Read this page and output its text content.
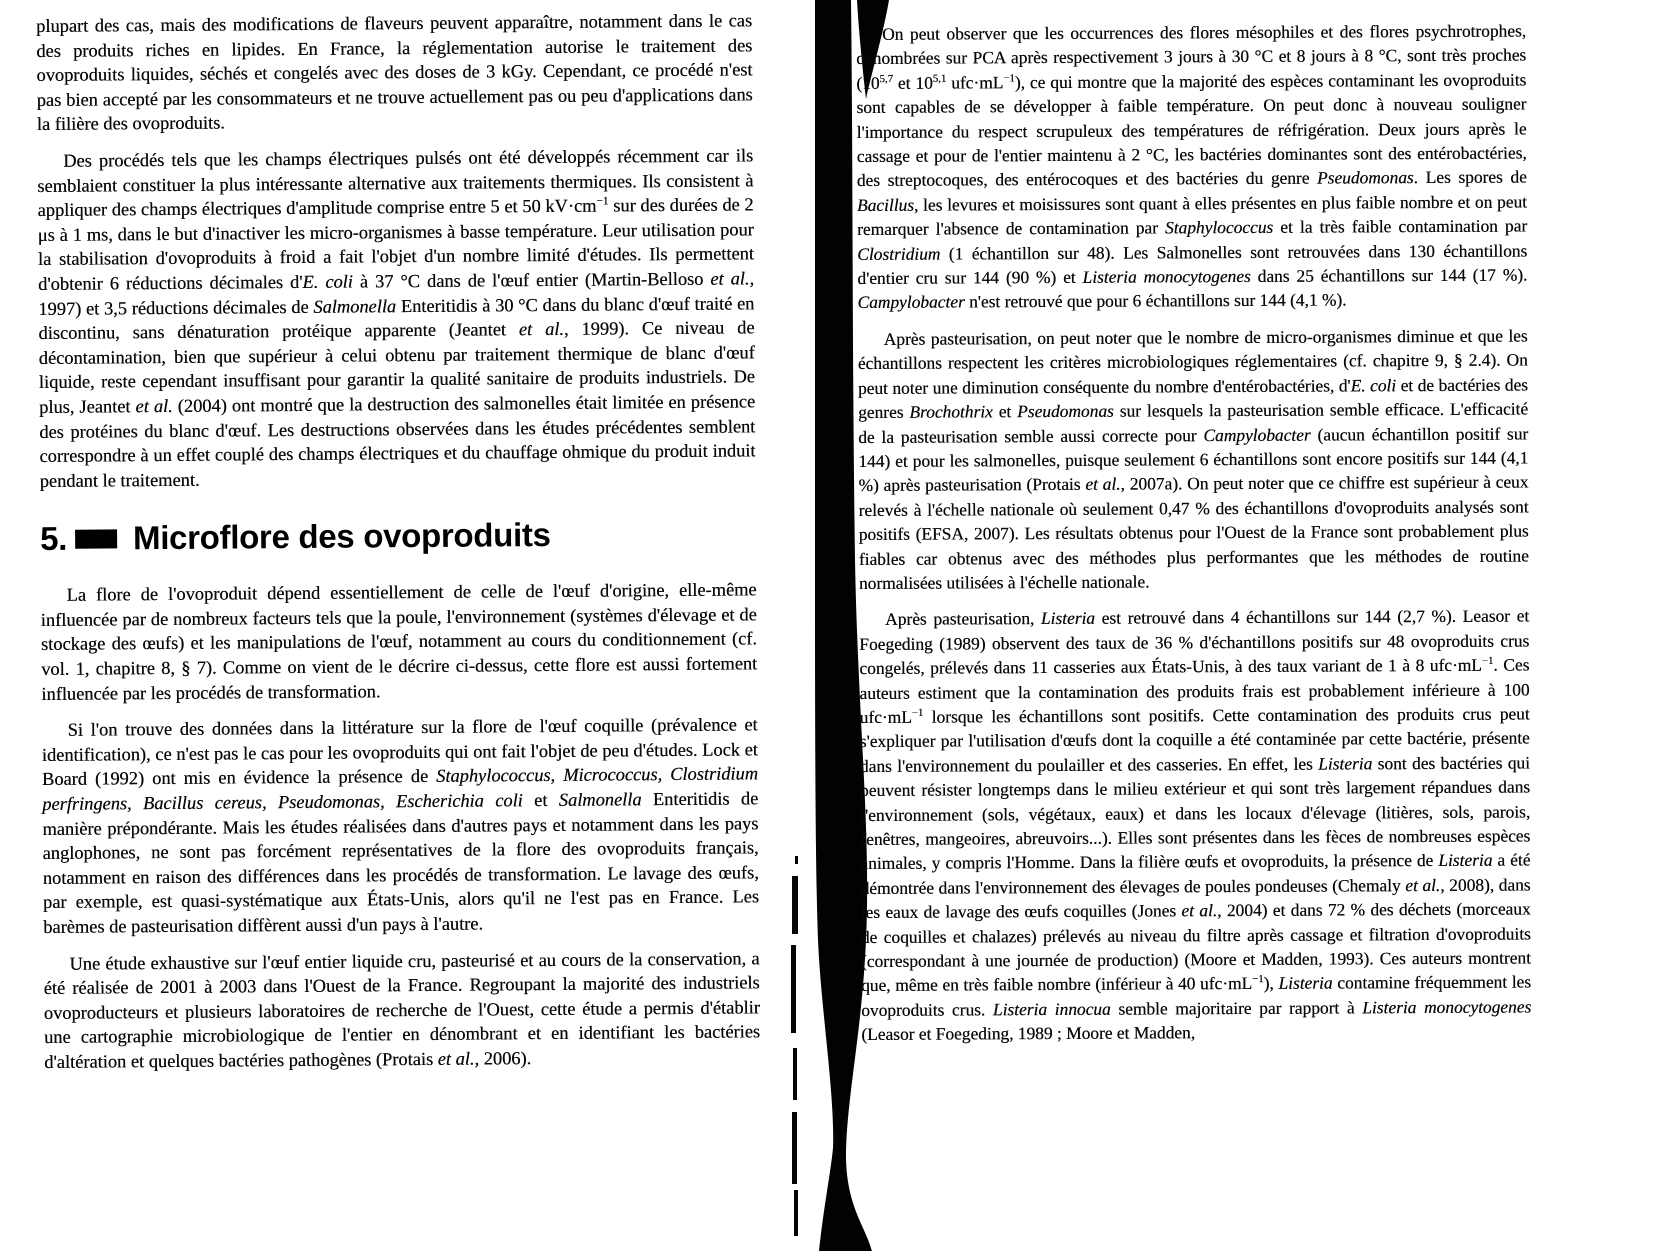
plupart des cas, mais des modifications de flaveurs peuvent apparaître, notamment dans le cas des produits riches en lipides. En France, la réglementation autorise le traitement des ovoproduits liquides, séchés et congelés avec des doses de 3 kGy. Cependant, ce procédé n'est pas bien accepté par les consommateurs et ne trouve actuellement pas ou peu d'applications dans la filière des ovoproduits.

Des procédés tels que les champs électriques pulsés ont été développés récemment car ils semblaient constituer la plus intéressante alternative aux traitements thermiques. Ils consistent à appliquer des champs électriques d'amplitude comprise entre 5 et 50 $kV\cdot cm^{-1}$ sur des durées de 2 μs à 1 ms, dans le but d'inactiver les micro-organismes à basse température. Leur utilisation pour la stabilisation d'ovoproduits à froid a fait l'objet d'un nombre limité d'études. Ils permettent d'obtenir 6 réductions décimales d'E. coli à 37 °C dans de l'œuf entier (Martin-Belloso et al., 1997) et 3,5 réductions décimales de Salmonella Enteritidis à 30 °C dans du blanc d'œuf traité en discontinu, sans dénaturation protéique apparente (Jeantet et al., 1999). Ce niveau de décontamination, bien que supérieur à celui obtenu par traitement thermique de blanc d'œuf liquide, reste cependant insuffisant pour garantir la qualité sanitaire de produits industriels. De plus, Jeantet et al. (2004) ont montré que la destruction des salmonelles était limitée en présence des protéines du blanc d'œuf. Les destructions observées dans les études précédentes semblent correspondre à un effet couplé des champs électriques et du chauffage ohmique du produit induit pendant le traitement.

5. Microflore des ovoproduits

La flore de l'ovoproduit dépend essentiellement de celle de l'œuf d'origine, elle-même influencée par de nombreux facteurs tels que la poule, l'environnement (systèmes d'élevage et de stockage des œufs) et les manipulations de l'œuf, notamment au cours du conditionnement (cf. vol. 1, chapitre 8, § 7). Comme on vient de le décrire ci-dessus, cette flore est aussi fortement influencée par les procédés de transformation.

Si l'on trouve des données dans la littérature sur la flore de l'œuf coquille (prévalence et identification), ce n'est pas le cas pour les ovoproduits qui ont fait l'objet de peu d'études. Lock et Board (1992) ont mis en évidence la présence de Staphylococcus, Micrococcus, Clostridium perfringens, Bacillus cereus, Pseudomonas, Escherichia coli et Salmonella Enteritidis de manière prépondérante. Mais les études réalisées dans d'autres pays et notamment dans les pays anglophones, ne sont pas forcément représentatives de la flore des ovoproduits français, notamment en raison des différences dans les procédés de transformation. Le lavage des œufs, par exemple, est quasi-systématique aux États-Unis, alors qu'il ne l'est pas en France. Les barèmes de pasteurisation diffèrent aussi d'un pays à l'autre.

Une étude exhaustive sur l'œuf entier liquide cru, pasteurisé et au cours de la conservation, a été réalisée de 2001 à 2003 dans l'Ouest de la France. Regroupant la majorité des industriels ovoproducteurs et plusieurs laboratoires de recherche de l'Ouest, cette étude a permis d'établir une cartographie microbiologique de l'entier en dénombrant et en identifiant les bactéries d'altération et quelques bactéries pathogènes (Protais et al., 2006).

On peut observer que les occurrences des flores mésophiles et des flores psychrotrophes, dénombrées sur PCA après respectivement 3 jours à 30 °C et 8 jours à 8 °C, sont très proches (10$^{5,7}$ et 10$^{5,1}$ $ufc\cdot mL^{-1}$), ce qui montre que la majorité des espèces contaminant les ovoproduits sont capables de se développer à faible température. On peut donc à nouveau souligner l'importance du respect scrupuleux des températures de réfrigération. Deux jours après le cassage et pour de l'entier maintenu à 2 °C, les bactéries dominantes sont des entérobactéries, des streptocoques, des entérocoques et des bactéries du genre Pseudomonas. Les spores de Bacillus, les levures et moisissures sont quant à elles présentes en plus faible nombre et on peut remarquer l'absence de contamination par Staphylococcus et la très faible contamination par Clostridium (1 échantillon sur 48). Les Salmonelles sont retrouvées dans 130 échantillons d'entier cru sur 144 (90 %) et Listeria monocytogenes dans 25 échantillons sur 144 (17 %). Campylobacter n'est retrouvé que pour 6 échantillons sur 144 (4,1 %).

Après pasteurisation, on peut noter que le nombre de micro-organismes diminue et que les échantillons respectent les critères microbiologiques réglementaires (cf. chapitre 9, § 2.4). On peut noter une diminution conséquente du nombre d'entérobactéries, d'E. coli et de bactéries des genres Brochothrix et Pseudomonas sur lesquels la pasteurisation semble efficace. L'efficacité de la pasteurisation semble aussi correcte pour Campylobacter (aucun échantillon positif sur 144) et pour les salmonelles, puisque seulement 6 échantillons sont encore positifs sur 144 (4,1 %) après pasteurisation (Protais et al., 2007a). On peut noter que ce chiffre est supérieur à ceux relevés à l'échelle nationale où seulement 0,47 % des échantillons d'ovoproduits analysés sont positifs (EFSA, 2007). Les résultats obtenus pour l'Ouest de la France sont probablement plus fiables car obtenus avec des méthodes plus performantes que les méthodes de routine normalisées utilisées à l'échelle nationale.

Après pasteurisation, Listeria est retrouvé dans 4 échantillons sur 144 (2,7 %). Leasor et Foegeding (1989) observent des taux de 36 % d'échantillons positifs sur 48 ovoproduits crus congelés, prélevés dans 11 casseries aux États-Unis, à des taux variant de 1 à 8 $ufc\cdot mL^{-1}$. Ces auteurs estiment que la contamination des produits frais est probablement inférieure à 100 $ufc\cdot mL^{-1}$ lorsque les échantillons sont positifs. Cette contamination des produits crus peut s'expliquer par l'utilisation d'œufs dont la coquille a été contaminée par cette bactérie, présente dans l'environnement du poulailler et des casseries. En effet, les Listeria sont des bactéries qui peuvent résister longtemps dans le milieu extérieur et qui sont très largement répandues dans l'environnement (sols, végétaux, eaux) et dans les locaux d'élevage (litières, sols, parois, fenêtres, mangeoires, abreuvoirs...). Elles sont présentes dans les fèces de nombreuses espèces animales, y compris l'Homme. Dans la filière œufs et ovoproduits, la présence de Listeria a été démontrée dans l'environnement des élevages de poules pondeuses (Chemaly et al., 2008), dans les eaux de lavage des œufs coquilles (Jones et al., 2004) et dans 72 % des déchets (morceaux de coquilles et chalazes) prélevés au niveau du filtre après cassage et filtration d'ovoproduits (correspondant à une journée de production) (Moore et Madden, 1993). Ces auteurs montrent que, même en très faible nombre (inférieur à 40 $ufc\cdot mL^{-1}$), Listeria contamine fréquemment les ovoproduits crus. Listeria innocua semble majoritaire par rapport à Listeria monocytogenes (Leasor et Foegeding, 1989 ; Moore et Madden,
